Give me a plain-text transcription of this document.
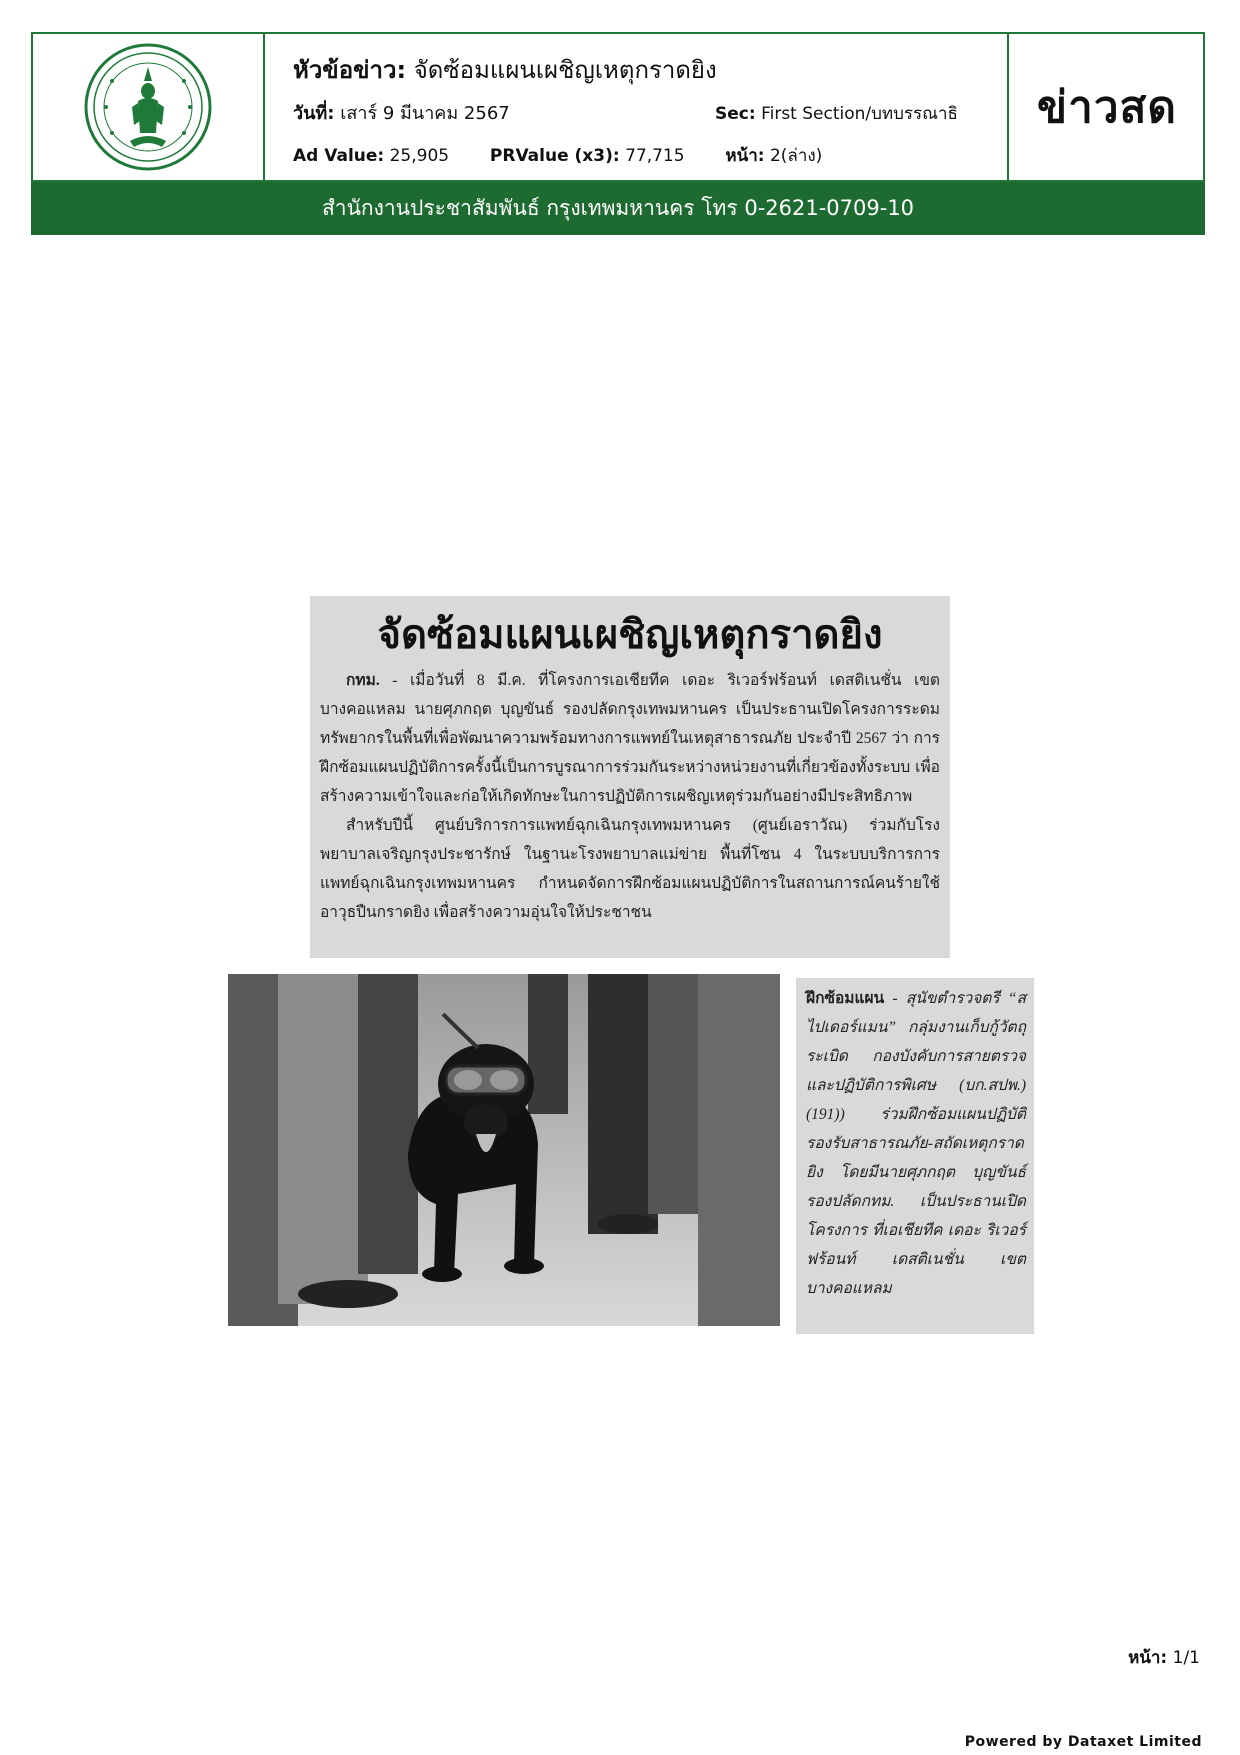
หัวข้อข่าว: จัดซ้อมแผนเผชิญเหตุกราดยิง
วันที่: เสาร์ 9 มีนาคม 2567	Sec: First Section/บทบรรณาธิ
Ad Value: 25,905 PRValue (x3): 77,715 หน้า: 2(ล่าง)
ข่าวสด
สำนักงานประชาสัมพันธ์ กรุงเทพมหานคร โทร 0-2621-0709-10
จัดซ้อมแผนเผชิญเหตุกราดยิง

กทม. - เมื่อวันที่ 8 มี.ค. ที่โครงการเอเชียทีค เดอะ ริเวอร์ฟร้อนท์ เดสติเนชั่น เขตบางคอแหลม นายศุภกฤต บุญขันธ์ รองปลัดกรุงเทพมหานคร เป็นประธานเปิดโครงการระดมทรัพยากรในพื้นที่เพื่อพัฒนาความพร้อมทางการแพทย์ในเหตุสาธารณภัย ประจำปี 2567 ว่า การฝึกซ้อมแผนปฏิบัติการครั้งนี้เป็นการบูรณาการร่วมกันระหว่างหน่วยงานที่เกี่ยวข้องทั้งระบบ เพื่อสร้างความเข้าใจและก่อให้เกิดทักษะในการปฏิบัติการเผชิญเหตุร่วมกันอย่างมีประสิทธิภาพ

สำหรับปีนี้ ศูนย์บริการการแพทย์ฉุกเฉินกรุงเทพมหานคร (ศูนย์เอราวัณ) ร่วมกับโรงพยาบาลเจริญกรุงประชารักษ์ ในฐานะโรงพยาบาลแม่ข่าย พื้นที่โซน 4 ในระบบบริการการแพทย์ฉุกเฉินกรุงเทพมหานคร กำหนดจัดการฝึกซ้อมแผนปฏิบัติการในสถานการณ์คนร้ายใช้อาวุธปืนกราดยิง เพื่อสร้างความอุ่นใจให้ประชาชน

ฝึกซ้อมแผน - สุนัขตำรวจตรี “สไปเดอร์แมน” กลุ่มงานเก็บกู้วัตถุระเบิด กองบังคับการสายตรวจและปฏิบัติการพิเศษ (บก.สปพ.) (191)) ร่วมฝึกซ้อมแผนปฏิบัติรองรับสาธารณภัย-สถัดเหตุกราดยิง โดยมีนายศุภกฤต บุญขันธ์ รองปลัดกทม. เป็นประธานเปิดโครงการ ที่เอเชียทีค เดอะ ริเวอร์ฟร้อนท์ เดสติเนชั่น เขตบางคอแหลม
หน้า: 1/1
Powered by Dataxet Limited
